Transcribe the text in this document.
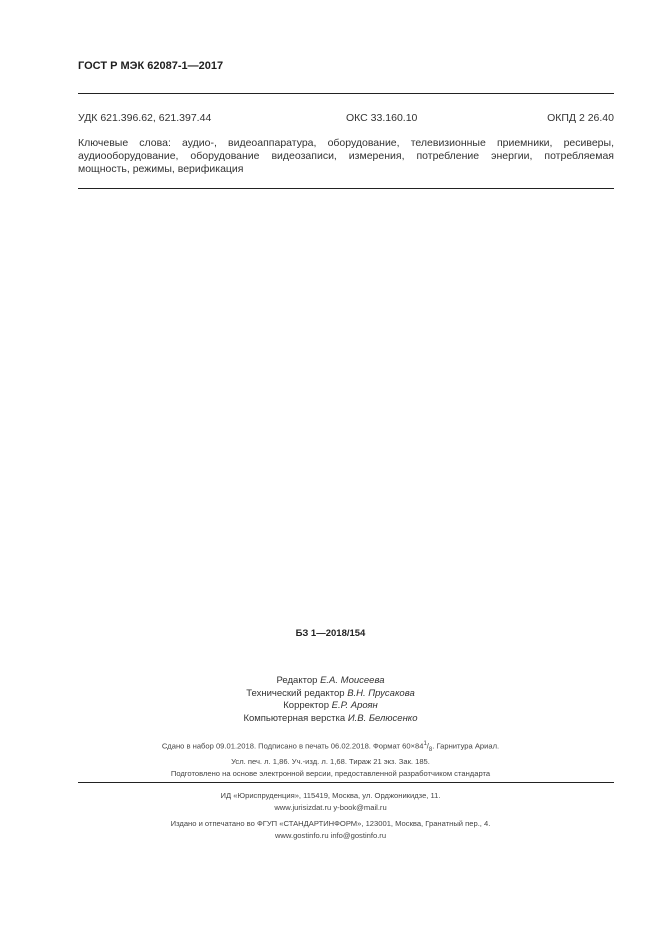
ГОСТ Р МЭК 62087-1—2017
УДК 621.396.62, 621.397.44	ОКС 33.160.10	ОКПД 2 26.40
Ключевые слова: аудио-, видеоаппаратура, оборудование, телевизионные приемники, ресиверы, аудиооборудование, оборудование видеозаписи, измерения, потребление энергии, потребляемая мощность, режимы, верификация
БЗ 1—2018/154
Редактор Е.А. Моисеева
Технический редактор В.Н. Прусакова
Корректор Е.Р. Ароян
Компьютерная верстка И.В. Белюсенко
Сдано в набор 09.01.2018. Подписано в печать 06.02.2018. Формат $60\times 84^1/_8$. Гарнитура Ариал.
Усл. печ. л. 1,86. Уч.-изд. л. 1,68. Тираж 21 экз. Зак. 185.
Подготовлено на основе электронной версии, предоставленной разработчиком стандарта
ИД «Юриспруденция», 115419, Москва, ул. Орджоникидзе, 11.
www.jurisizdat.ru y-book@mail.ru
Издано и отпечатано во ФГУП «СТАНДАРТИНФОРМ», 123001, Москва, Гранатный пер., 4.
www.gostinfo.ru info@gostinfo.ru
